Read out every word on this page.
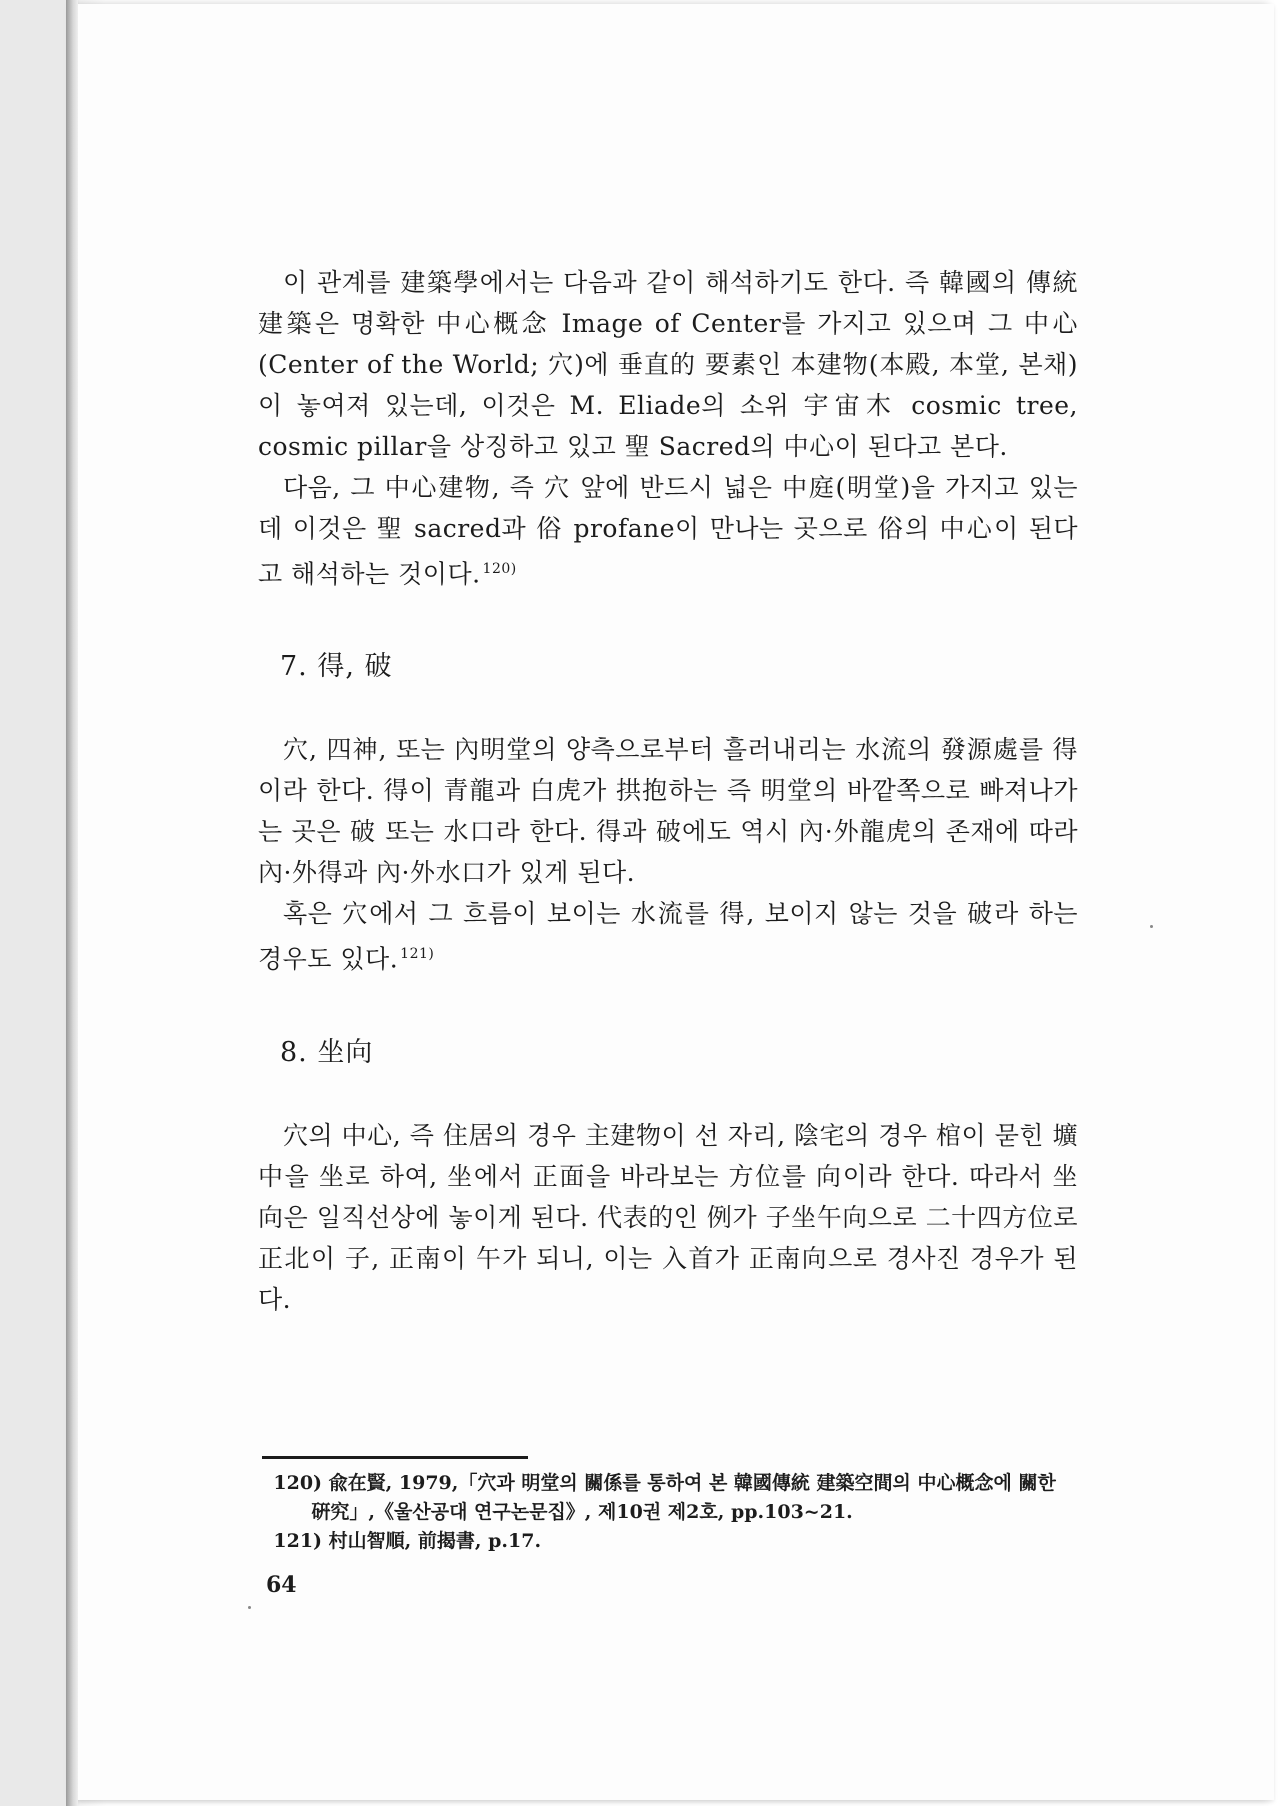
이 관계를 建築學에서는 다음과 같이 해석하기도 한다. 즉 韓國의 傳統建築은 명확한 中心概念 Image of Center를 가지고 있으며 그 中心 (Center of the World; 穴)에 垂直的 要素인 本建物(本殿, 本堂, 본채)이 놓여져 있는데, 이것은 M. Eliade의 소위 宇宙木 cosmic tree, cosmic pillar을 상징하고 있고 聖 Sacred의 中心이 된다고 본다.

다음, 그 中心建物, 즉 穴 앞에 반드시 넓은 中庭(明堂)을 가지고 있는데 이것은 聖 sacred과 俗 profane이 만나는 곳으로 俗의 中心이 된다고 해석하는 것이다. $^{120)}$

7. 得, 破

穴, 四神, 또는 內明堂의 양측으로부터 흘러내리는 水流의 發源處를 得이라 한다. 得이 青龍과 白虎가 拱抱하는 즉 明堂의 바깥쪽으로 빠져나가는 곳은 破 또는 水口라 한다. 得과 破에도 역시 內·外龍虎의 존재에 따라 內·外得과 內·外水口가 있게 된다.

혹은 穴에서 그 흐름이 보이는 水流를 得, 보이지 않는 것을 破라 하는 경우도 있다. $^{121)}$

8. 坐向

穴의 中心, 즉 住居의 경우 主建物이 선 자리, 陰宅의 경우 棺이 묻힌 壙中을 坐로 하여, 坐에서 正面을 바라보는 方位를 向이라 한다. 따라서 坐向은 일직선상에 놓이게 된다. 代表的인 例가 子坐午向으로 二十四方位로 正北이 子, 正南이 午가 되니, 이는 入首가 正南向으로 경사진 경우가 된다.

120) 兪在賢, 1979,「穴과 明堂의 關係를 통하여 본 韓國傳統 建築空間의 中心概念에 關한 硏究」,《울산공대 연구논문집》, 제10권 제2호, pp.103~21.

121) 村山智順, 前揭書, p.17.

64
